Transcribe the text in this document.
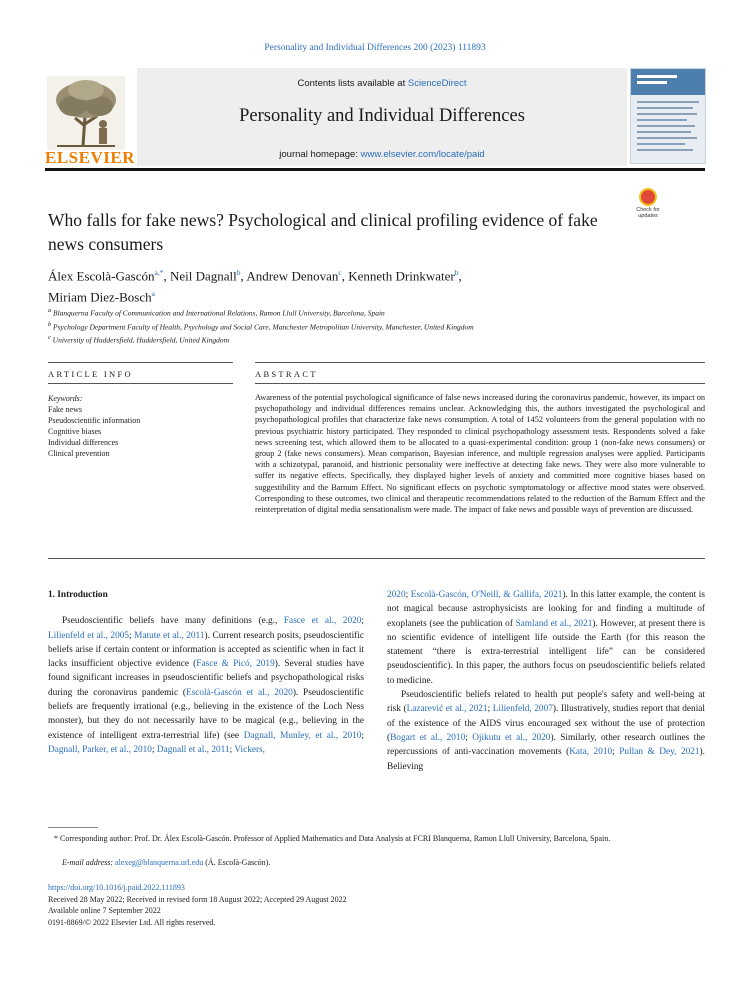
Personality and Individual Differences 200 (2023) 111893
ELSEVIER
Contents lists available at ScienceDirect
Personality and Individual Differences
journal homepage: www.elsevier.com/locate/paid
Who falls for fake news? Psychological and clinical profiling evidence of fake news consumers
Check for updates
Álex Escolà-Gascón$^{a,*}$, Neil Dagnall$^b$, Andrew Denovan$^c$, Kenneth Drinkwater$^b$,
Miriam Diez-Bosch$^a$
$^a$ Blanquerna Faculty of Communication and International Relations, Ramon Llull University, Barcelona, Spain
$^b$ Psychology Department Faculty of Health, Psychology and Social Care, Manchester Metropolitan University, Manchester, United Kingdom
$^c$ University of Huddersfield, Huddersfield, United Kingdom
ARTICLE INFO	ABSTRACT
Keywords:
Fake news
Pseudoscientific information
Cognitive biases
Individual differences
Clinical prevention
Awareness of the potential psychological significance of false news increased during the coronavirus pandemic, however, its impact on psychopathology and individual differences remains unclear. Acknowledging this, the authors investigated the psychological and psychopathological profiles that characterize fake news consumption. A total of 1452 volunteers from the general population with no previous psychiatric history participated. They responded to clinical psychopathology assessment tests. Respondents solved a fake news screening test, which allowed them to be allocated to a quasi-experimental condition: group 1 (non-fake news consumers) or group 2 (fake news consumers). Mean comparison, Bayesian inference, and multiple regression analyses were applied. Participants with a schizotypal, paranoid, and histrionic personality were ineffective at detecting fake news. They were also more vulnerable to suffer its negative effects. Specifically, they displayed higher levels of anxiety and committed more cognitive biases based on suggestibility and the Barnum Effect. No significant effects on psychotic symptomatology or affective mood states were observed. Corresponding to these outcomes, two clinical and therapeutic recommendations related to the reduction of the Barnum Effect and the reinterpretation of digital media sensationalism were made. The impact of fake news and possible ways of prevention are discussed.
1. Introduction

Pseudoscientific beliefs have many definitions (e.g., Fasce et al., 2020; Lilienfeld et al., 2005; Matute et al., 2011). Current research posits, pseudoscientific beliefs arise if certain content or information is accepted as scientific when in fact it lacks insufficient objective evidence (Fasce & Picó, 2019). Several studies have found significant increases in pseudoscientific beliefs and psychopathological risks during the coronavirus pandemic (Escolà-Gascón et al., 2020). Pseudoscientific beliefs are frequently irrational (e.g., believing in the existence of the Loch Ness monster), but they do not necessarily have to be magical (e.g., believing in the existence of intelligent extra-terrestrial life) (see Dagnall, Munley, et al., 2010; Dagnall, Parker, et al., 2010; Dagnall et al., 2011; Vickers,

2020; Escolà-Gascón, O'Neill, & Gallifa, 2021). In this latter example, the content is not magical because astrophysicists are looking for and finding a multitude of exoplanets (see the publication of Samland et al., 2021). However, at present there is no scientific evidence of intelligent life outside the Earth (for this reason the statement “there is extra-terrestrial intelligent life” can be considered pseudoscientific). In this paper, the authors focus on pseudoscientific beliefs related to medicine.

Pseudoscientific beliefs related to health put people's safety and well-being at risk (Lazarević et al., 2021; Lilienfeld, 2007). Illustratively, studies report that denial of the existence of the AIDS virus encouraged sex without the use of protection (Bogart et al., 2010; Ojikutu et al., 2020). Similarly, other research outlines the repercussions of anti-vaccination movements (Kata, 2010; Pullan & Dey, 2021). Believing

* Corresponding author: Prof. Dr. Álex Escolà-Gascón. Professor of Applied Mathematics and Data Analysis at FCRI Blanquerna, Ramon Llull University, Barcelona, Spain.
E-mail address: alexeg@blanquerna.url.edu (Á. Escolà-Gascón).
https://doi.org/10.1016/j.paid.2022.111893
Received 28 May 2022; Received in revised form 18 August 2022; Accepted 29 August 2022
Available online 7 September 2022
0191-8869/© 2022 Elsevier Ltd. All rights reserved.
